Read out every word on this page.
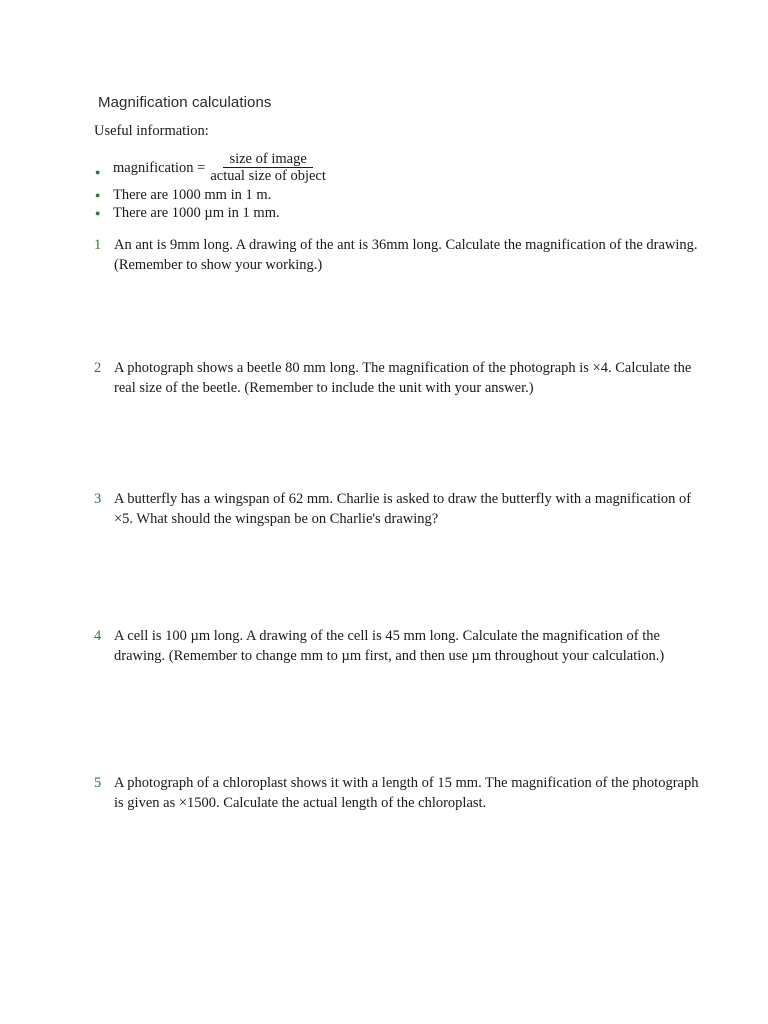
Magnification calculations
Useful information:
● magnification = $\frac{\text{size of image}}{\text{actual size of object}}$
● There are 1000 mm in 1 m.
● There are 1000 µm in 1 mm.
1 An ant is 9mm long. A drawing of the ant is 36mm long. Calculate the magnification of the drawing. (Remember to show your working.)
2 A photograph shows a beetle 80 mm long. The magnification of the photograph is ×4. Calculate the real size of the beetle. (Remember to include the unit with your answer.)
3 A butterfly has a wingspan of 62 mm. Charlie is asked to draw the butterfly with a magnification of ×5. What should the wingspan be on Charlie's drawing?
4 A cell is 100 µm long. A drawing of the cell is 45 mm long. Calculate the magnification of the drawing. (Remember to change mm to µm first, and then use µm throughout your calculation.)
5 A photograph of a chloroplast shows it with a length of 15 mm. The magnification of the photograph is given as ×1500. Calculate the actual length of the chloroplast.
